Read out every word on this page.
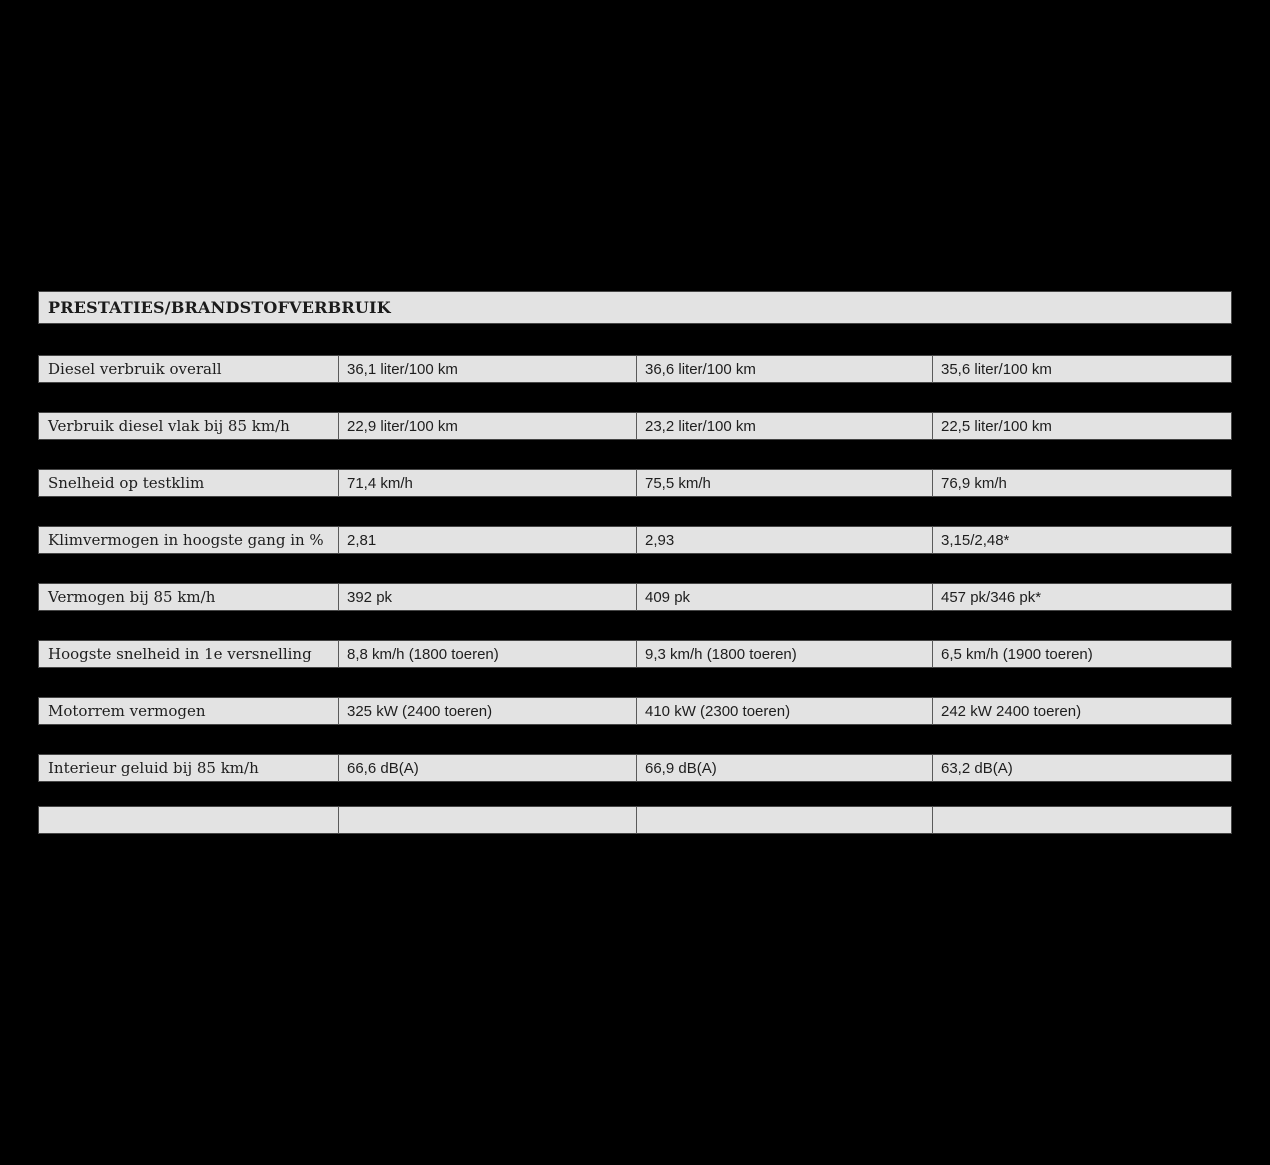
PRESTATIES/BRANDSTOFVERBRUIK
Diesel verbruik overall	36,1 liter/100 km	36,6 liter/100 km	35,6 liter/100 km
Verbruik diesel vlak bij 85 km/h	22,9 liter/100 km	23,2 liter/100 km	22,5 liter/100 km
Snelheid op testklim	71,4 km/h	75,5 km/h	76,9 km/h
Klimvermogen in hoogste gang in %	2,81	2,93	3,15/2,48*
Vermogen bij 85 km/h	392 pk	409 pk	457 pk/346 pk*
Hoogste snelheid in 1e versnelling	8,8 km/h (1800 toeren)	9,3 km/h (1800 toeren)	6,5 km/h (1900 toeren)
Motorrem vermogen	325 kW (2400 toeren)	410 kW (2300 toeren)	242 kW 2400 toeren)
Interieur geluid bij 85 km/h	66,6 dB(A)	66,9 dB(A)	63,2 dB(A)
